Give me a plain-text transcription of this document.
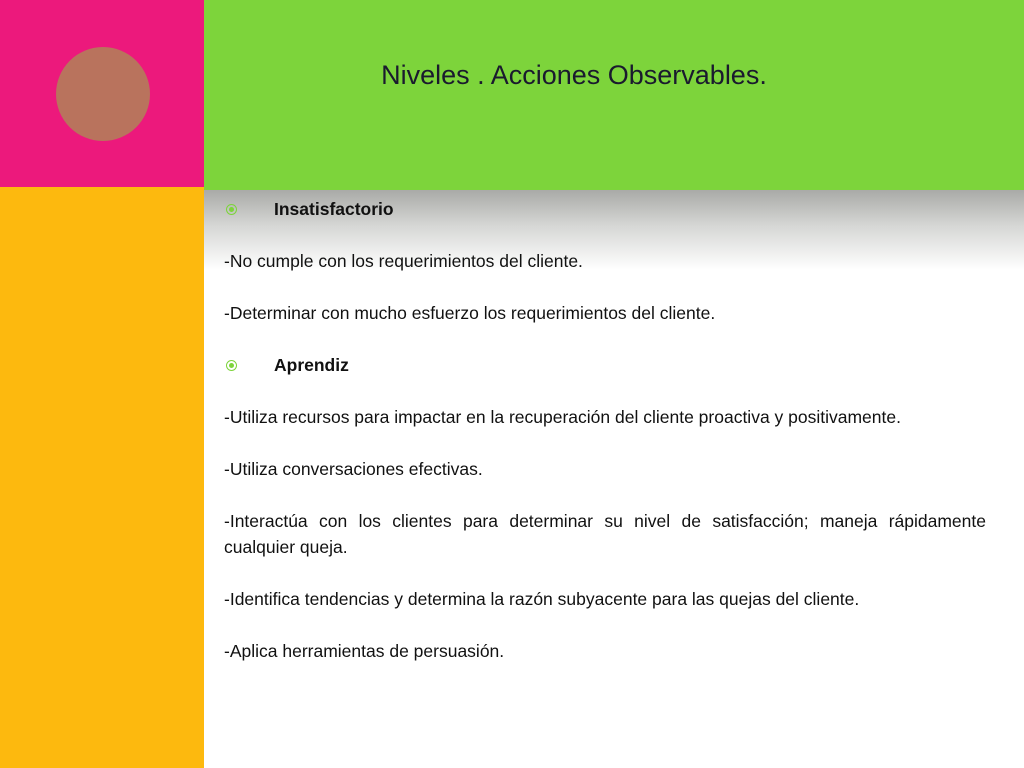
Niveles . Acciones Observables.
Insatisfactorio

-No cumple con los requerimientos del cliente.

-Determinar con mucho esfuerzo los requerimientos del cliente.

Aprendiz

-Utiliza recursos para impactar en la recuperación del cliente proactiva y positivamente.

-Utiliza conversaciones efectivas.

-Interactúa con los clientes para determinar su nivel de satisfacción; maneja rápidamente cualquier queja.

-Identifica tendencias y determina la razón subyacente para las quejas del cliente.

-Aplica herramientas de persuasión.
